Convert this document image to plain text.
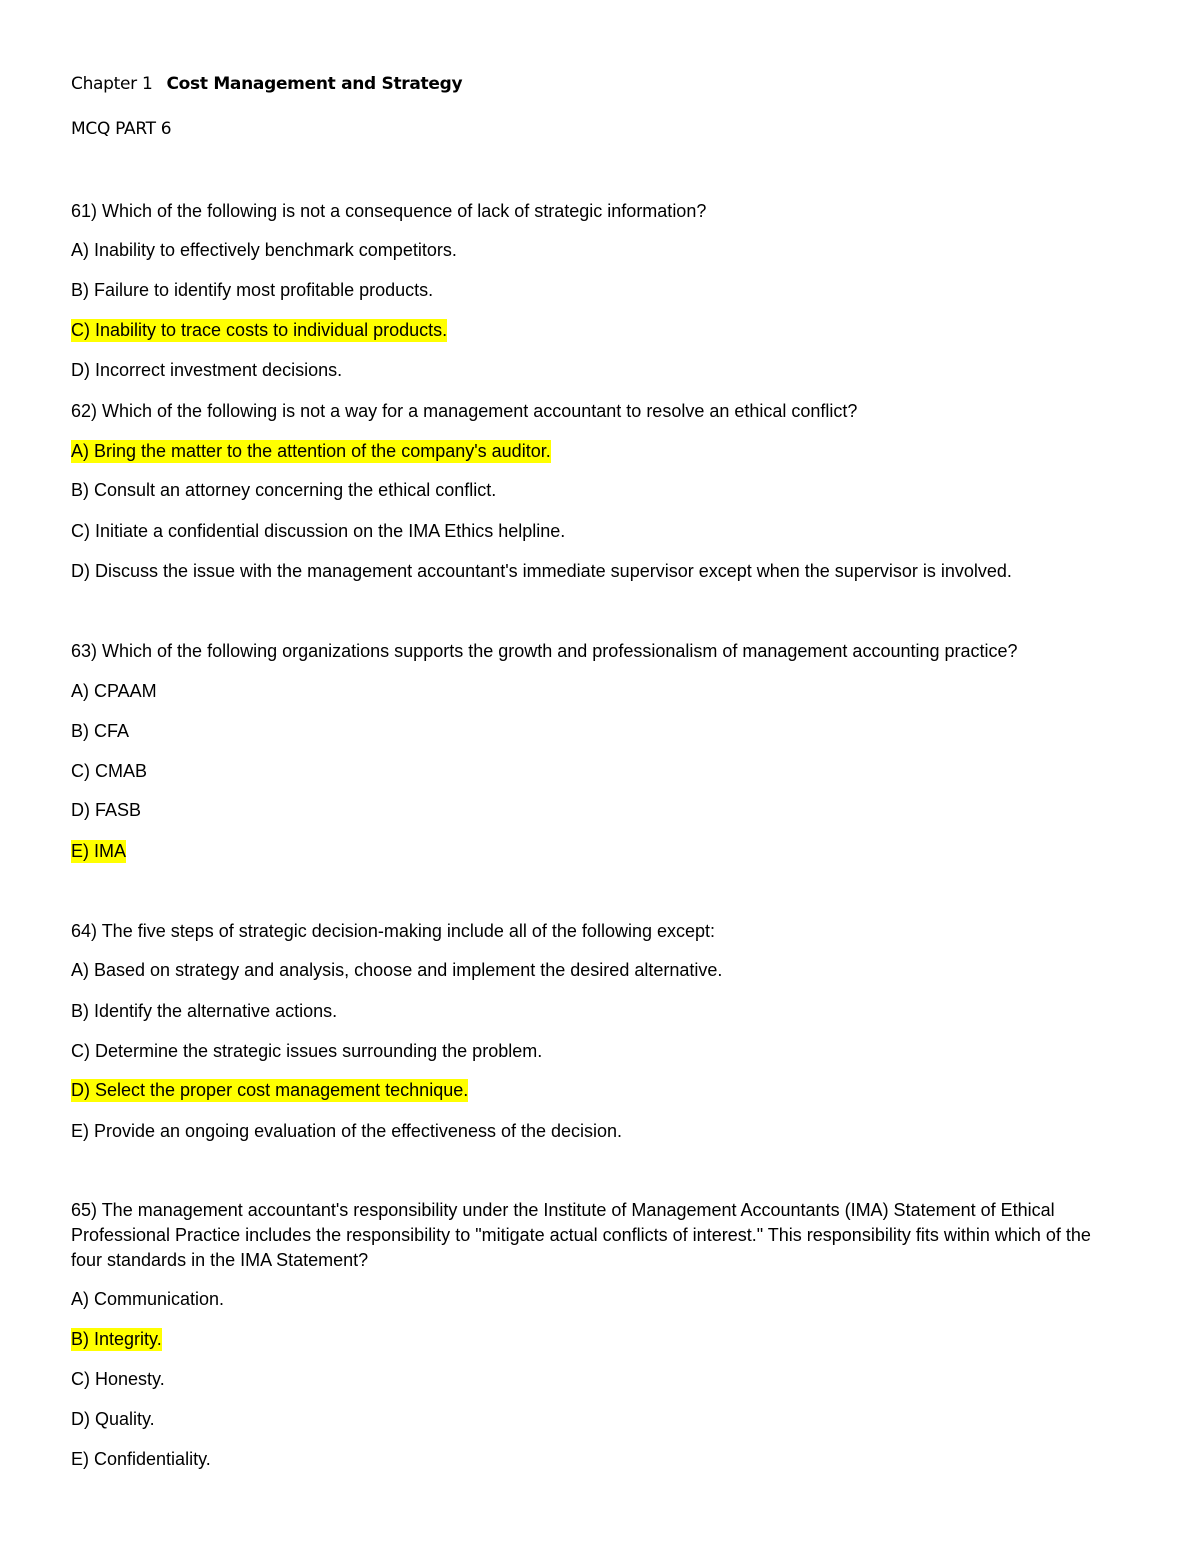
Chapter 1 Cost Management and Strategy
MCQ PART 6
61) Which of the following is not a consequence of lack of strategic information?
A) Inability to effectively benchmark competitors.
B) Failure to identify most profitable products.
C) Inability to trace costs to individual products.
D) Incorrect investment decisions.
62) Which of the following is not a way for a management accountant to resolve an ethical conflict?
A) Bring the matter to the attention of the company's auditor.
B) Consult an attorney concerning the ethical conflict.
C) Initiate a confidential discussion on the IMA Ethics helpline.
D) Discuss the issue with the management accountant's immediate supervisor except when the supervisor is involved.
63) Which of the following organizations supports the growth and professionalism of management accounting practice?
A) CPAAM
B) CFA
C) CMAB
D) FASB
E) IMA
64) The five steps of strategic decision-making include all of the following except:
A) Based on strategy and analysis, choose and implement the desired alternative.
B) Identify the alternative actions.
C) Determine the strategic issues surrounding the problem.
D) Select the proper cost management technique.
E) Provide an ongoing evaluation of the effectiveness of the decision.
65) The management accountant's responsibility under the Institute of Management Accountants (IMA) Statement of Ethical Professional Practice includes the responsibility to "mitigate actual conflicts of interest." This responsibility fits within which of the four standards in the IMA Statement?
A) Communication.
B) Integrity.
C) Honesty.
D) Quality.
E) Confidentiality.
